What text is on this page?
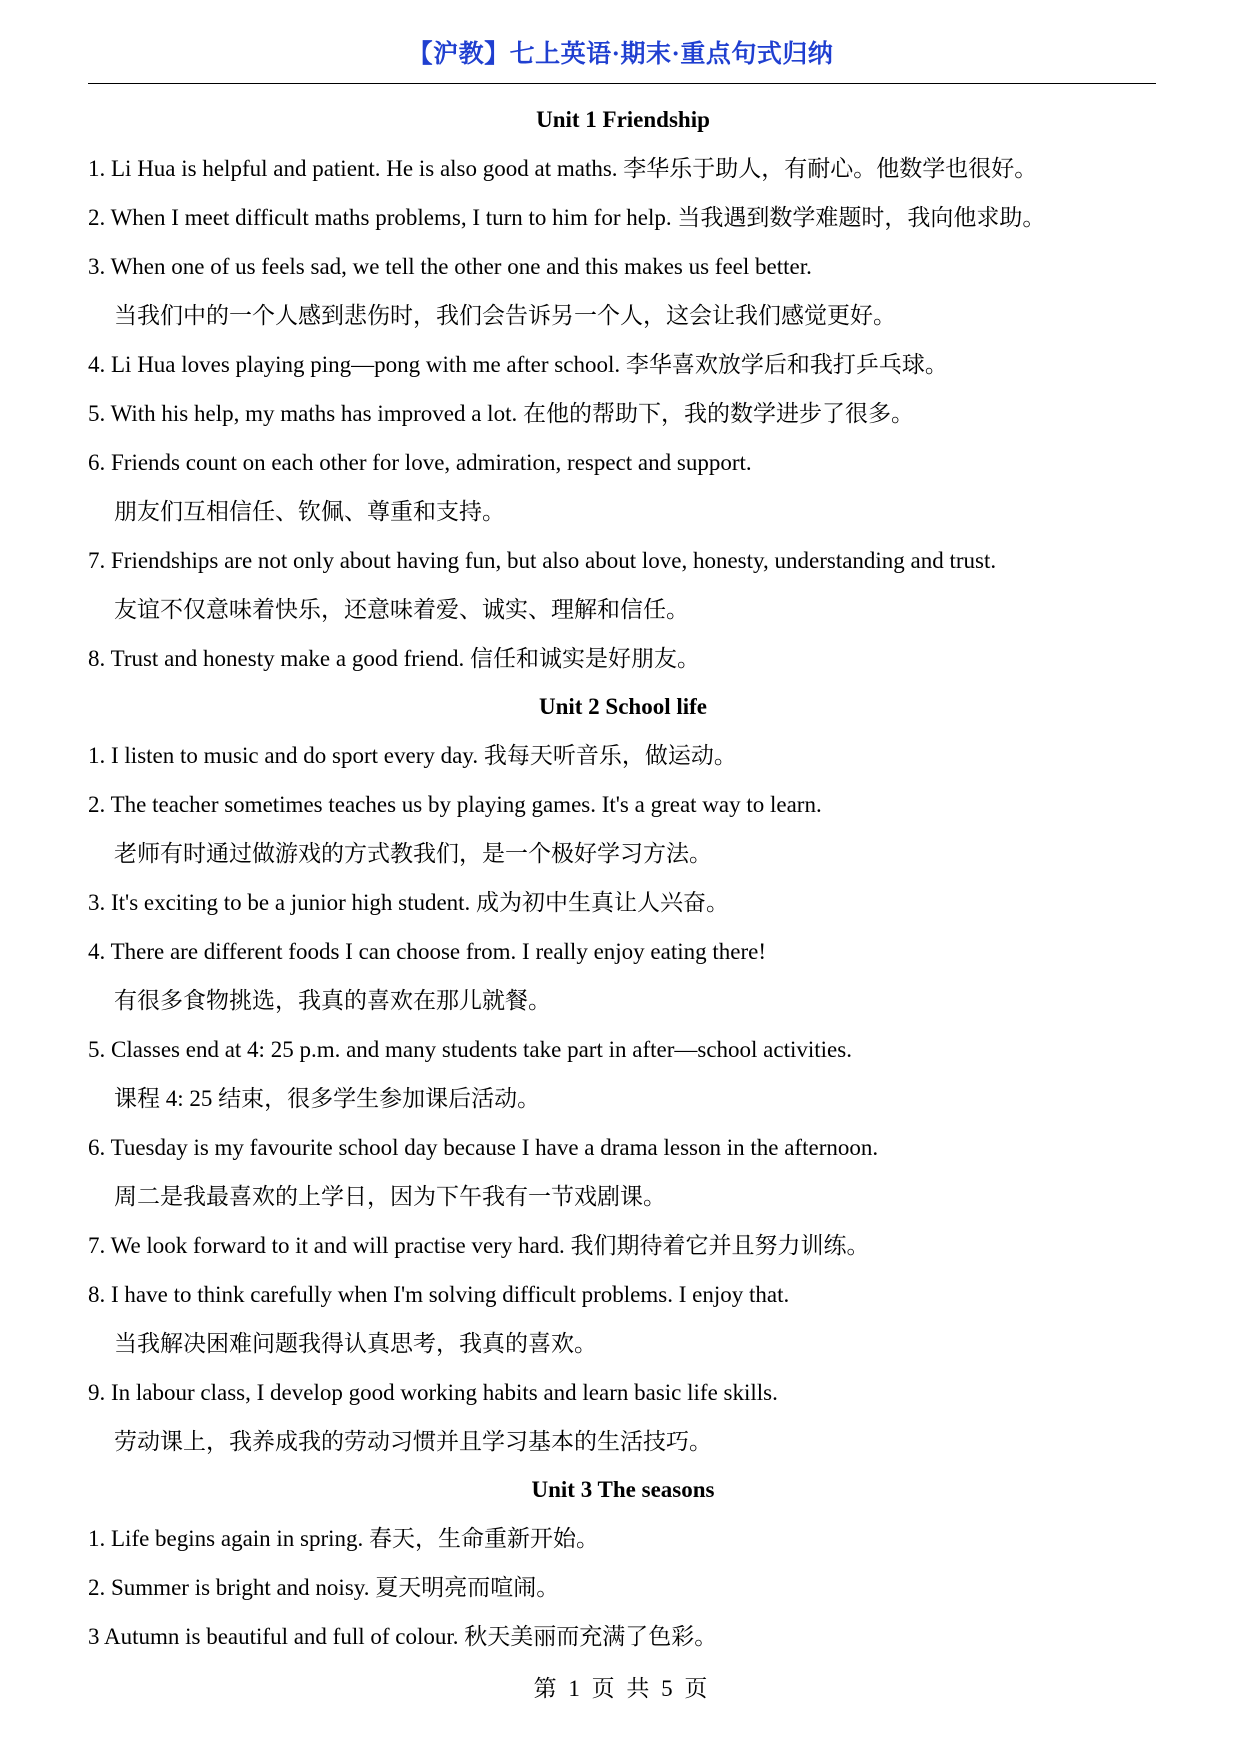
【沪教】七上英语·期末·重点句式归纳
Unit 1 Friendship
1. Li Hua is helpful and patient. He is also good at maths. 李华乐于助人，有耐心。他数学也很好。
2. When I meet difficult maths problems, I turn to him for help. 当我遇到数学难题时，我向他求助。
3. When one of us feels sad, we tell the other one and this makes us feel better.
当我们中的一个人感到悲伤时，我们会告诉另一个人，这会让我们感觉更好。
4. Li Hua loves playing ping—pong with me after school. 李华喜欢放学后和我打乒乓球。
5. With his help, my maths has improved a lot. 在他的帮助下，我的数学进步了很多。
6. Friends count on each other for love, admiration, respect and support.
朋友们互相信任、钦佩、尊重和支持。
7. Friendships are not only about having fun, but also about love, honesty, understanding and trust.
友谊不仅意味着快乐，还意味着爱、诚实、理解和信任。
8. Trust and honesty make a good friend. 信任和诚实是好朋友。
Unit 2 School life
1. I listen to music and do sport every day. 我每天听音乐，做运动。
2. The teacher sometimes teaches us by playing games. It's a great way to learn.
老师有时通过做游戏的方式教我们，是一个极好学习方法。
3. It's exciting to be a junior high student. 成为初中生真让人兴奋。
4. There are different foods I can choose from. I really enjoy eating there!
有很多食物挑选，我真的喜欢在那儿就餐。
5. Classes end at 4: 25 p.m. and many students take part in after—school activities.
课程 4: 25 结束，很多学生参加课后活动。
6. Tuesday is my favourite school day because I have a drama lesson in the afternoon.
周二是我最喜欢的上学日，因为下午我有一节戏剧课。
7. We look forward to it and will practise very hard. 我们期待着它并且努力训练。
8. I have to think carefully when I'm solving difficult problems. I enjoy that.
当我解决困难问题我得认真思考，我真的喜欢。
9. In labour class, I develop good working habits and learn basic life skills.
劳动课上，我养成我的劳动习惯并且学习基本的生活技巧。
Unit 3 The seasons
1. Life begins again in spring. 春天，生命重新开始。
2. Summer is bright and noisy. 夏天明亮而喧闹。
3 Autumn is beautiful and full of colour. 秋天美丽而充满了色彩。
第 1 页 共 5 页
